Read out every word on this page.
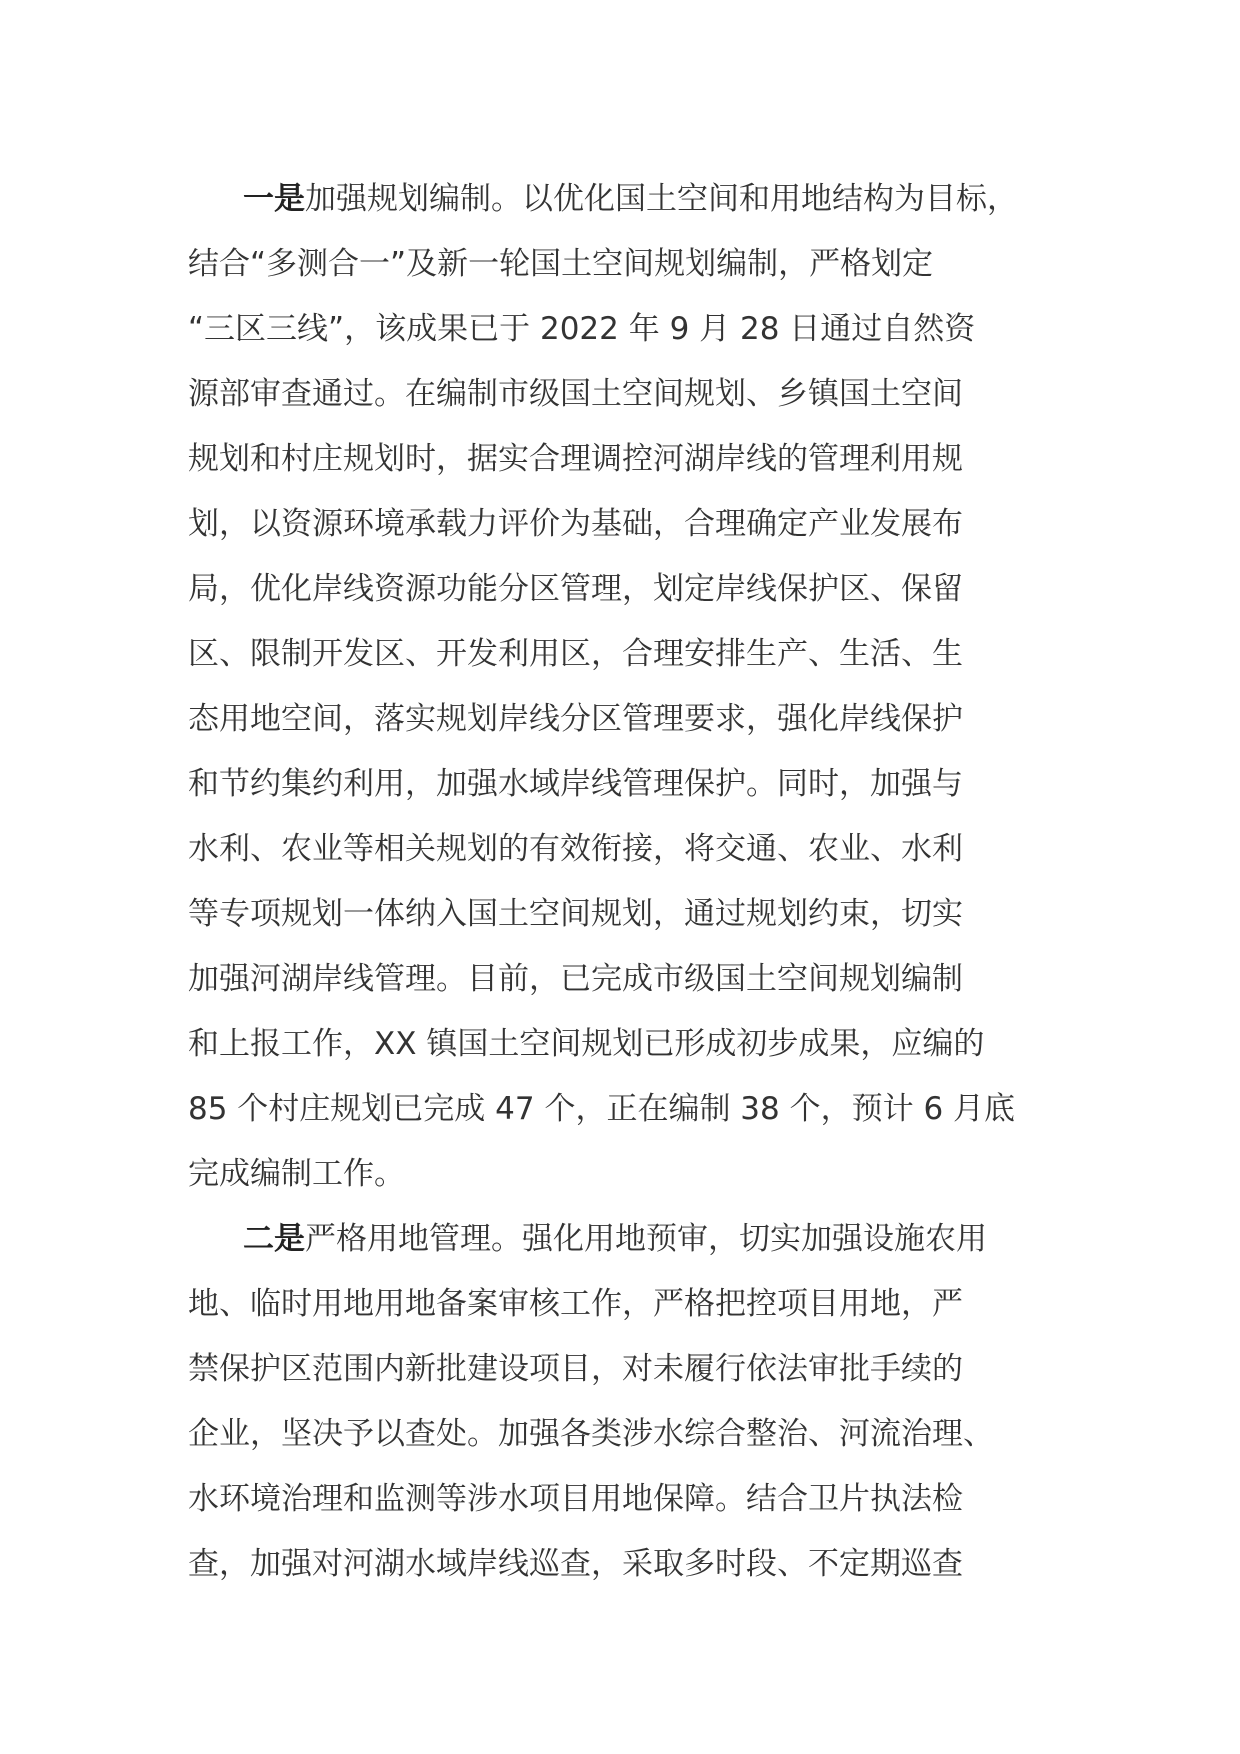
一是加强规划编制。以优化国土空间和用地结构为目标，
结合“多测合一”及新一轮国土空间规划编制，严格划定
“三区三线”，该成果已于 2022 年 9 月 28 日通过自然资
源部审查通过。在编制市级国土空间规划、乡镇国土空间
规划和村庄规划时，据实合理调控河湖岸线的管理利用规
划，以资源环境承载力评价为基础，合理确定产业发展布
局，优化岸线资源功能分区管理，划定岸线保护区、保留
区、限制开发区、开发利用区，合理安排生产、生活、生
态用地空间，落实规划岸线分区管理要求，强化岸线保护
和节约集约利用，加强水域岸线管理保护。同时，加强与
水利、农业等相关规划的有效衔接，将交通、农业、水利
等专项规划一体纳入国土空间规划，通过规划约束，切实
加强河湖岸线管理。目前，已完成市级国土空间规划编制
和上报工作，XX 镇国土空间规划已形成初步成果，应编的
85 个村庄规划已完成 47 个，正在编制 38 个，预计 6 月底
完成编制工作。
二是严格用地管理。强化用地预审，切实加强设施农用
地、临时用地用地备案审核工作，严格把控项目用地，严
禁保护区范围内新批建设项目，对未履行依法审批手续的
企业，坚决予以查处。加强各类涉水综合整治、河流治理、
水环境治理和监测等涉水项目用地保障。结合卫片执法检
查，加强对河湖水域岸线巡查，采取多时段、不定期巡查
